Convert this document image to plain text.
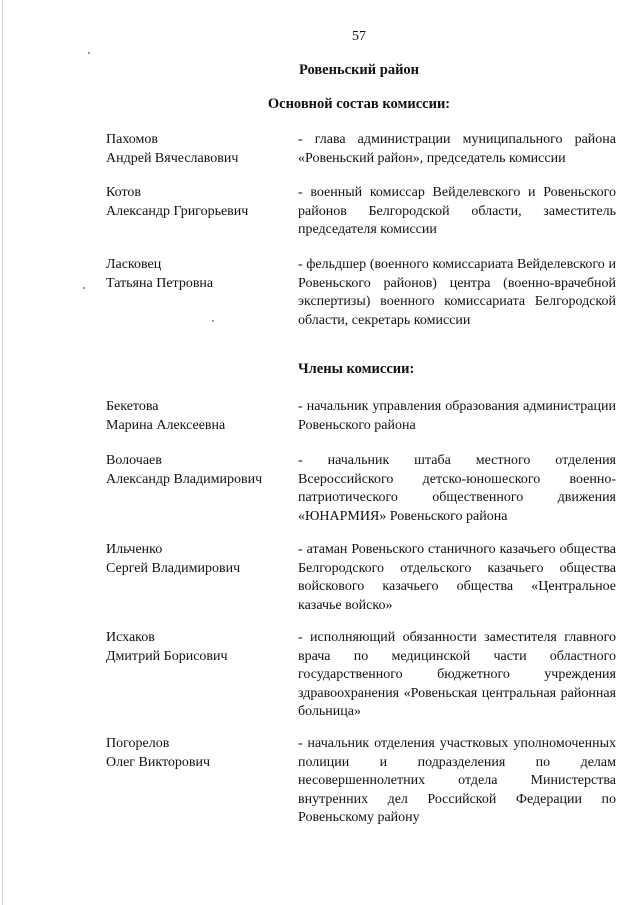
57
Ровеньский район
Основной состав комиссии:
Пахомов
Андрей Вячеславович
- глава администрации муниципального района «Ровеньский район», председатель комиссии
Котов
Александр Григорьевич
- военный комиссар Вейделевского и Ровеньского районов Белгородской области, заместитель председателя комиссии
Ласковец
Татьяна Петровна
- фельдшер (военного комиссариата Вейделевского и Ровеньского районов) центра (военно-врачебной экспертизы) военного комиссариата Белгородской области, секретарь комиссии
Члены комиссии:
Бекетова
Марина Алексеевна
- начальник управления образования администрации Ровеньского района
Волочаев
Александр Владимирович
- начальник штаба местного отделения Всероссийского детско-юношеского военно-патриотического общественного движения «ЮНАРМИЯ» Ровеньского района
Ильченко
Сергей Владимирович
- атаман Ровеньского станичного казачьего общества Белгородского отдельского казачьего общества войскового казачьего общества «Центральное казачье войско»
Исхаков
Дмитрий Борисович
- исполняющий обязанности заместителя главного врача по медицинской части областного государственного бюджетного учреждения здравоохранения «Ровеньская центральная районная больница»
Погорелов
Олег Викторович
- начальник отделения участковых уполномоченных полиции и подразделения по делам несовершеннолетних отдела Министерства внутренних дел Российской Федерации по Ровеньскому району
